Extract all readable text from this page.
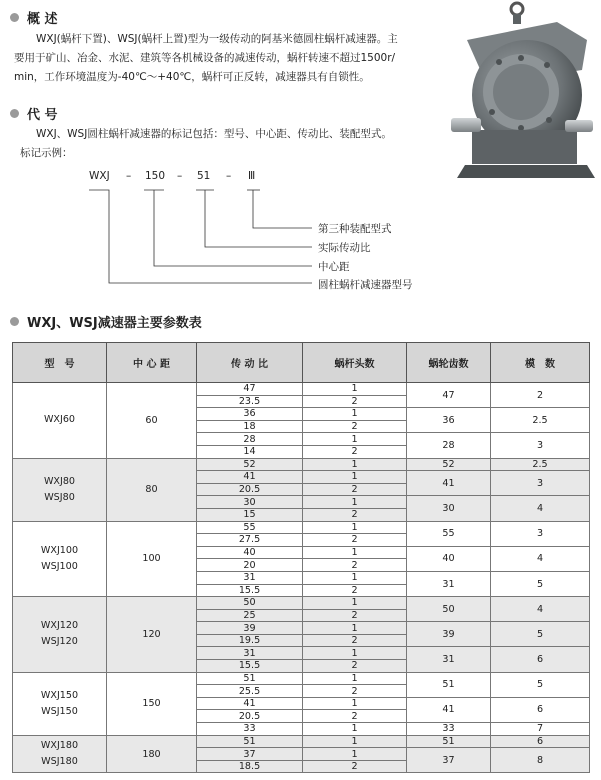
概 述
WXJ(蜗杆下置)、WSJ(蜗杆上置)型为一级传动的阿基米德圆柱蜗杆减速器。主
要用于矿山、冶金、水泥、建筑等各机械设备的减速传动，蜗杆转速不超过1500r/
min，工作环境温度为-40℃～+40℃，蜗杆可正反转，减速器具有自锁性。
代 号
WXJ、WSJ圆柱蜗杆减速器的标记包括：型号、中心距、传动比、装配型式。
标记示例：
WXJ – 150 – 51 – Ⅲ
第三种装配型式
实际传动比
中心距
圆柱蜗杆减速器型号
WXJ、WSJ减速器主要参数表
型　号	中 心 距	传 动 比	蜗杆头数	蜗轮齿数	模　数

WXJ60	60	47	1	47	2
		23.5	2		
		36	1	36	2.5
		18	2		
		28	1	28	3
		14	2		

WXJ80
WSJ80	80	52	1	52	2.5
		41	1	41	3
		20.5	2		
		30	1	30	4
		15	2		

WXJ100
WSJ100	100	55	1	55	3
		27.5	2		
		40	1	40	4
		20	2		
		31	1	31	5
		15.5	2		

WXJ120
WSJ120	120	50	1	50	4
		25	2		
		39	1	39	5
		19.5	2		
		31	1	31	6
		15.5	2		

WXJ150
WSJ150	150	51	1	51	5
		25.5	2		
		41	1	41	6
		20.5	2		
		33	1	33	7

WXJ180
WSJ180	180	51	1	51	6
		37	1	37	8
		18.5	2		
